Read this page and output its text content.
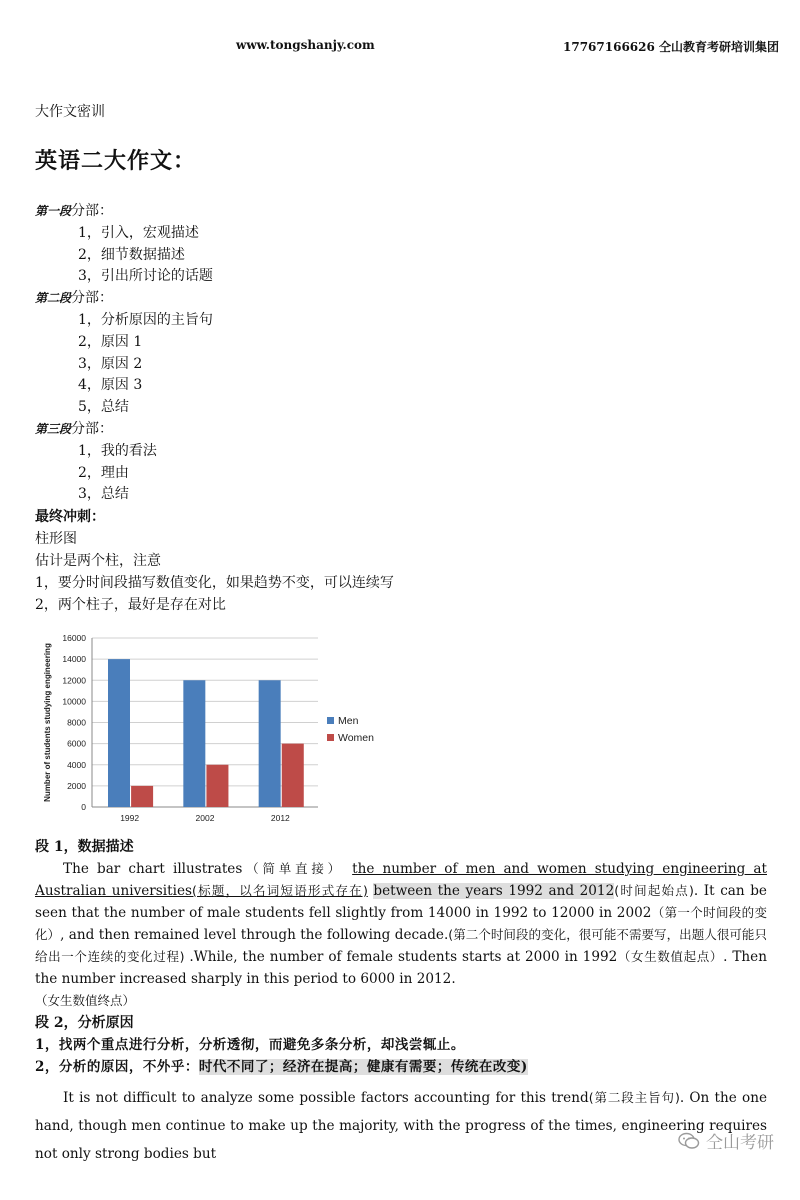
www.tongshanjy.com	17767166626 仝山教育考研培训集团
大作文密训
英语二大作文：
第一段分部：
1，引入，宏观描述
2，细节数据描述
3，引出所讨论的话题
第二段分部：
1，分析原因的主旨句
2，原因 1
3，原因 2
4，原因 3
5，总结
第三段分部：
1，我的看法
2，理由
3，总结
最终冲刺：
柱形图
估计是两个柱，注意
1，要分时间段描写数值变化，如果趋势不变，可以连续写
2，两个柱子，最好是存在对比
0
2000
4000
6000
8000
10000
12000
14000
16000
1992	2002	2012
Number of students studying engineering	Men
Women
段 1，数据描述
The bar chart illustrates（简单直接） the number of men and women studying engineering at Australian universities(标题，以名词短语形式存在) between the years 1992 and 2012(时间起始点). It can be seen that the number of male students fell slightly from 14000 in 1992 to 12000 in 2002（第一个时间段的变化）, and then remained level through the following decade.(第二个时间段的变化，很可能不需要写，出题人很可能只给出一个连续的变化过程) .While, the number of female students starts at 2000 in 1992（女生数值起点）. Then the number increased sharply in this period to 6000 in 2012.
（女生数值终点）
段 2，分析原因
1，找两个重点进行分析，分析透彻，而避免多条分析，却浅尝辄止。
2，分析的原因，不外乎：时代不同了；经济在提高；健康有需要；传统在改变)
It is not difficult to analyze some possible factors accounting for this trend(第二段主旨句). On the one hand, though men continue to make up the majority, with the progress of the times, engineering requires not only strong bodies but
仝山考研
